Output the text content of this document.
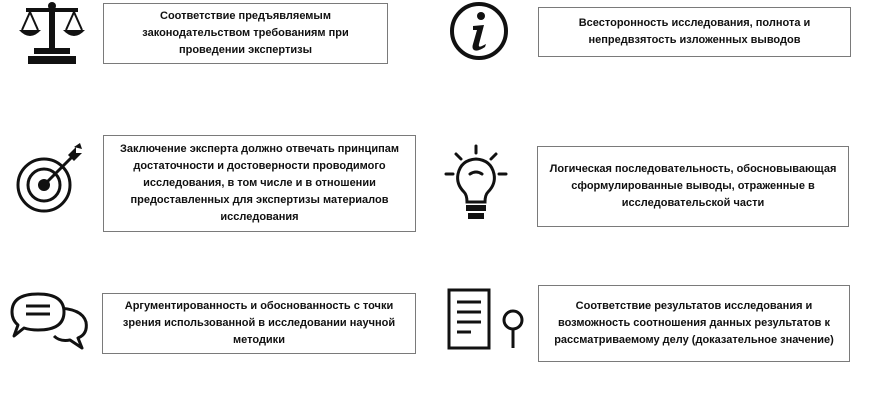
Соответствие предъявляемым законодательством требованиям при проведении экспертизы
Всесторонность исследования, полнота и непредвзятость изложенных выводов
Заключение эксперта должно отвечать принципам достаточности и достоверности проводимого исследования, в том числе и в отношении предоставленных для экспертизы материалов исследования
Логическая последовательность, обосновывающая сформулированные выводы, отраженные в исследовательской части
Аргументированность и обоснованность с точки зрения использованной в исследовании научной методики
Соответствие результатов исследования и возможность соотношения данных результатов к рассматриваемому делу (доказательное значение)
